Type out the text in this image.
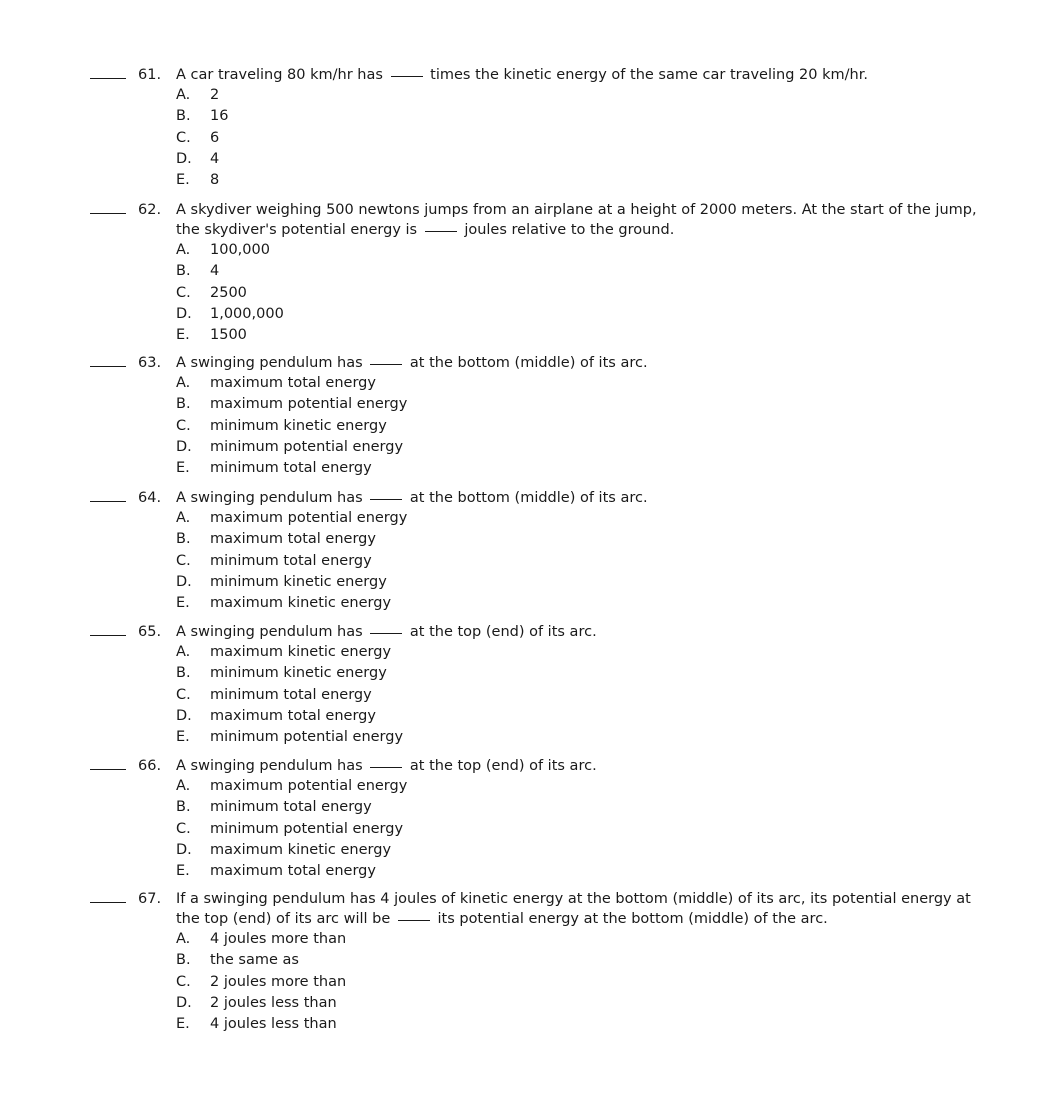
61. A car traveling 80 km/hr has	times the kinetic energy of the same car traveling 20 km/hr.
A. 2
B. 16
C. 6
D. 4
E. 8
62. A skydiver weighing 500 newtons jumps from an airplane at a height of 2000 meters. At the start of the jump, the skydiver's potential energy is	joules relative to the ground.
A. 100,000
B. 4
C. 2500
D. 1,000,000
E. 1500
63. A swinging pendulum has	at the bottom (middle) of its arc.
A. maximum total energy
B. maximum potential energy
C. minimum kinetic energy
D. minimum potential energy
E. minimum total energy
64. A swinging pendulum has	at the bottom (middle) of its arc.
A. maximum potential energy
B. maximum total energy
C. minimum total energy
D. minimum kinetic energy
E. maximum kinetic energy
65. A swinging pendulum has	at the top (end) of its arc.
A. maximum kinetic energy
B. minimum kinetic energy
C. minimum total energy
D. maximum total energy
E. minimum potential energy
66. A swinging pendulum has	at the top (end) of its arc.
A. maximum potential energy
B. minimum total energy
C. minimum potential energy
D. maximum kinetic energy
E. maximum total energy
67. If a swinging pendulum has 4 joules of kinetic energy at the bottom (middle) of its arc, its potential energy at the top (end) of its arc will be	its potential energy at the bottom (middle) of the arc.
A. 4 joules more than
B. the same as
C. 2 joules more than
D. 2 joules less than
E. 4 joules less than
